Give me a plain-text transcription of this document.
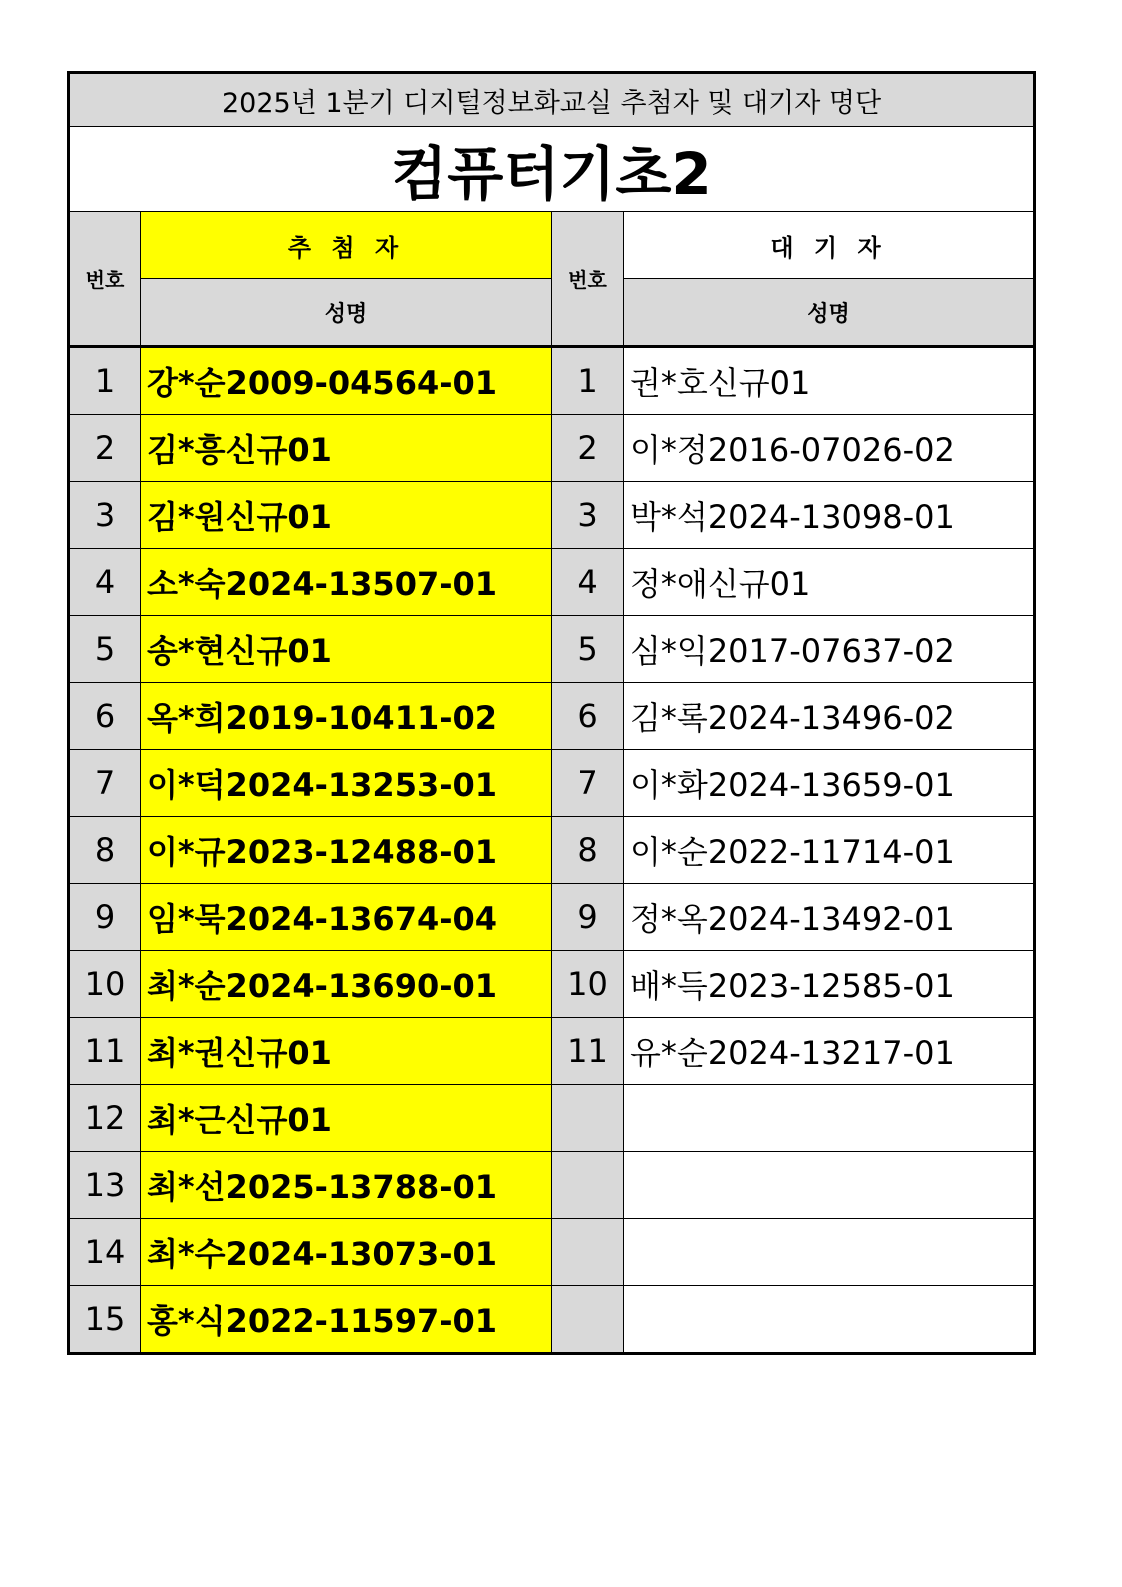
2025년 1분기 디지털정보화교실 추첨자 및 대기자 명단			
컴퓨터기초2			
번호	추 첨 자	번호	대 기 자
	성명		성명
1	강*순2009-04564-01	1	권*호신규01
2	김*흥신규01	2	이*정2016-07026-02
3	김*원신규01	3	박*석2024-13098-01
4	소*숙2024-13507-01	4	정*애신규01
5	송*현신규01	5	심*익2017-07637-02
6	옥*희2019-10411-02	6	김*록2024-13496-02
7	이*덕2024-13253-01	7	이*화2024-13659-01
8	이*규2023-12488-01	8	이*순2022-11714-01
9	임*묵2024-13674-04	9	정*옥2024-13492-01
10	최*순2024-13690-01	10	배*득2023-12585-01
11	최*권신규01	11	유*순2024-13217-01
12	최*근신규01		
13	최*선2025-13788-01		
14	최*수2024-13073-01		
15	홍*식2022-11597-01		
